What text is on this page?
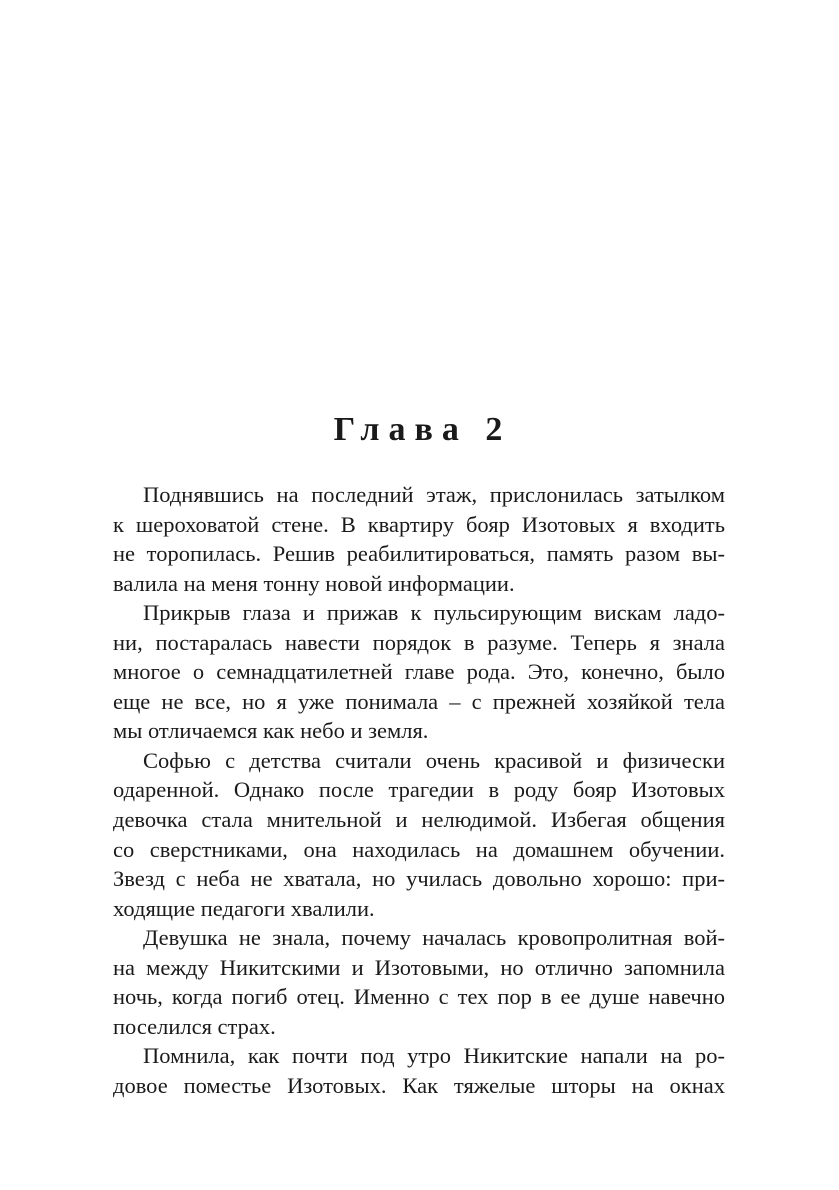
Глава 2
Поднявшись на последний этаж, прислонилась затылком
к шероховатой стене. В квартиру бояр Изотовых я входить
не торопилась. Решив реабилитироваться, память разом вы-
валила на меня тонну новой информации.
Прикрыв глаза и прижав к пульсирующим вискам ладо-
ни, постаралась навести порядок в разуме. Теперь я знала
многое о семнадцатилетней главе рода. Это, конечно, было
еще не все, но я уже понимала – с прежней хозяйкой тела
мы отличаемся как небо и земля.
Софью с детства считали очень красивой и физически
одаренной. Однако после трагедии в роду бояр Изотовых
девочка стала мнительной и нелюдимой. Избегая общения
со сверстниками, она находилась на домашнем обучении.
Звезд с неба не хватала, но училась довольно хорошо: при-
ходящие педагоги хвалили.
Девушка не знала, почему началась кровопролитная вой-
на между Никитскими и Изотовыми, но отлично запомнила
ночь, когда погиб отец. Именно с тех пор в ее душе навечно
поселился страх.
Помнила, как почти под утро Никитские напали на ро-
довое поместье Изотовых. Как тяжелые шторы на окнах
